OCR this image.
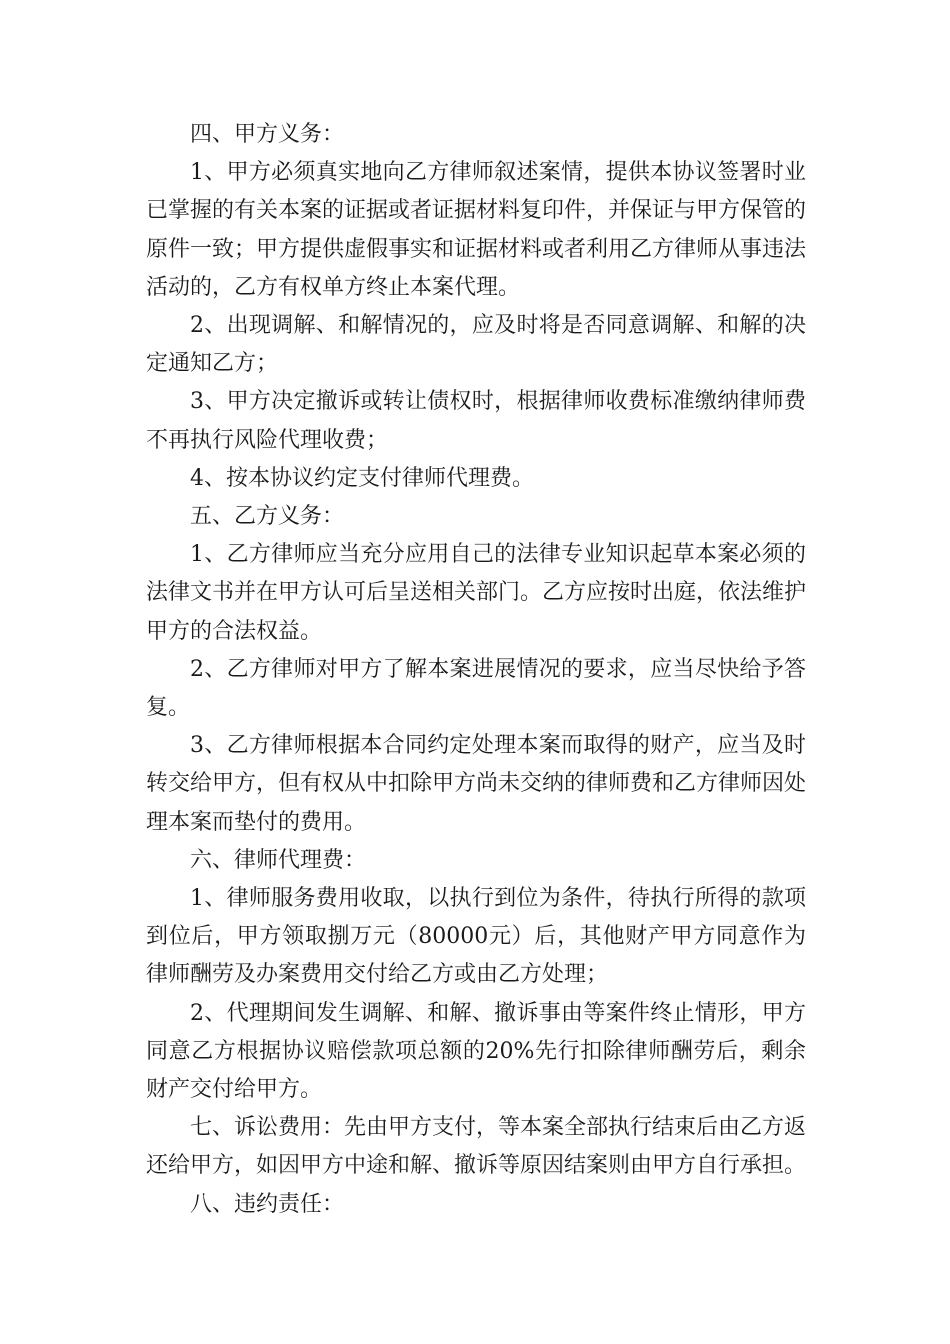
四、甲方义务：

1、甲方必须真实地向乙方律师叙述案情，提供本协议签署时业已掌握的有关本案的证据或者证据材料复印件，并保证与甲方保管的原件一致；甲方提供虚假事实和证据材料或者利用乙方律师从事违法活动的，乙方有权单方终止本案代理。

2、出现调解、和解情况的，应及时将是否同意调解、和解的决定通知乙方；

3、甲方决定撤诉或转让债权时，根据律师收费标准缴纳律师费不再执行风险代理收费；

4、按本协议约定支付律师代理费。

五、乙方义务：

1、乙方律师应当充分应用自己的法律专业知识起草本案必须的法律文书并在甲方认可后呈送相关部门。乙方应按时出庭，依法维护甲方的合法权益。

2、乙方律师对甲方了解本案进展情况的要求，应当尽快给予答复。

3、乙方律师根据本合同约定处理本案而取得的财产，应当及时转交给甲方，但有权从中扣除甲方尚未交纳的律师费和乙方律师因处理本案而垫付的费用。

六、律师代理费：

1、律师服务费用收取，以执行到位为条件，待执行所得的款项到位后，甲方领取捌万元（80000元）后，其他财产甲方同意作为律师酬劳及办案费用交付给乙方或由乙方处理；

2、代理期间发生调解、和解、撤诉事由等案件终止情形，甲方同意乙方根据协议赔偿款项总额的20%先行扣除律师酬劳后，剩余财产交付给甲方。

七、诉讼费用：先由甲方支付，等本案全部执行结束后由乙方返还给甲方，如因甲方中途和解、撤诉等原因结案则由甲方自行承担。

八、违约责任：
